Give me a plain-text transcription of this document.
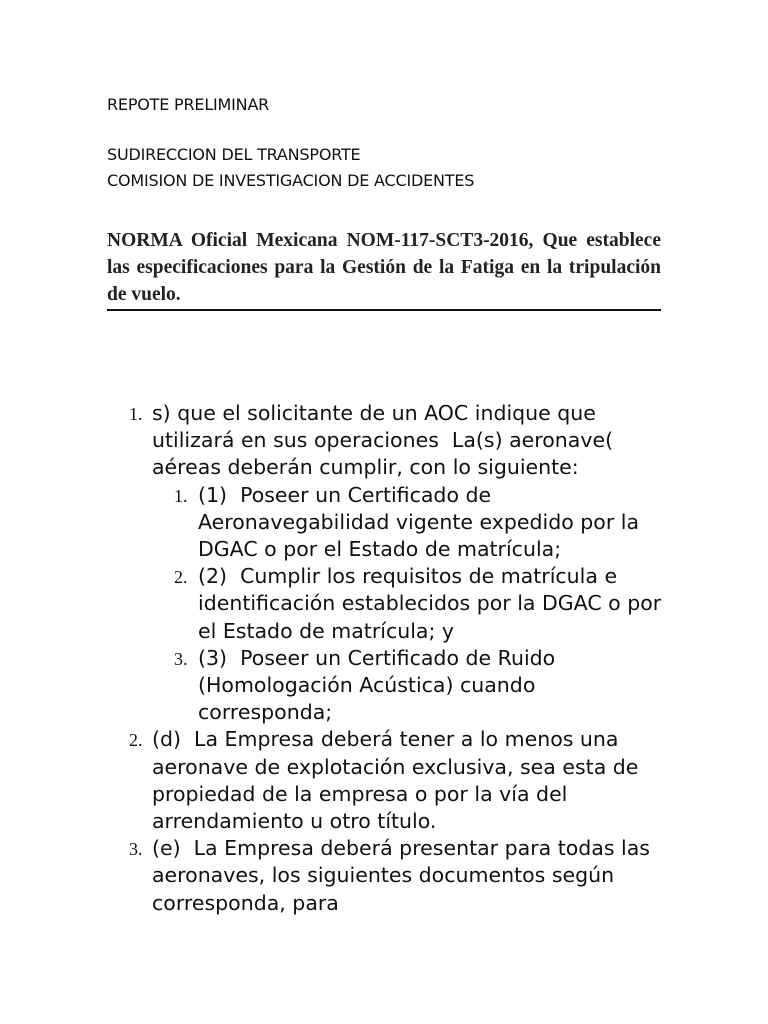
REPOTE PRELIMINAR

SUDIRECCION DEL TRANSPORTE

COMISION DE INVESTIGACION DE ACCIDENTES

NORMA Oficial Mexicana NOM-117-SCT3-2016, Que establece las especificaciones para la Gestión de la Fatiga en la tripulación de vuelo.

1. s) que el solicitante de un AOC indique que utilizará en sus operaciones  La(s) aeronave( aéreas deberán cumplir, con lo siguiente:
1. (1)  Poseer un Certificado de Aeronavegabilidad vigente expedido por la DGAC o por el Estado de matrícula;
2. (2)  Cumplir los requisitos de matrícula e identificación establecidos por la DGAC o por el Estado de matrícula; y
3. (3)  Poseer un Certificado de Ruido (Homologación Acústica) cuando corresponda;
2. (d)  La Empresa deberá tener a lo menos una aeronave de explotación exclusiva, sea esta de propiedad de la empresa o por la vía del arrendamiento u otro título.
3. (e)  La Empresa deberá presentar para todas las aeronaves, los siguientes documentos según corresponda, para
